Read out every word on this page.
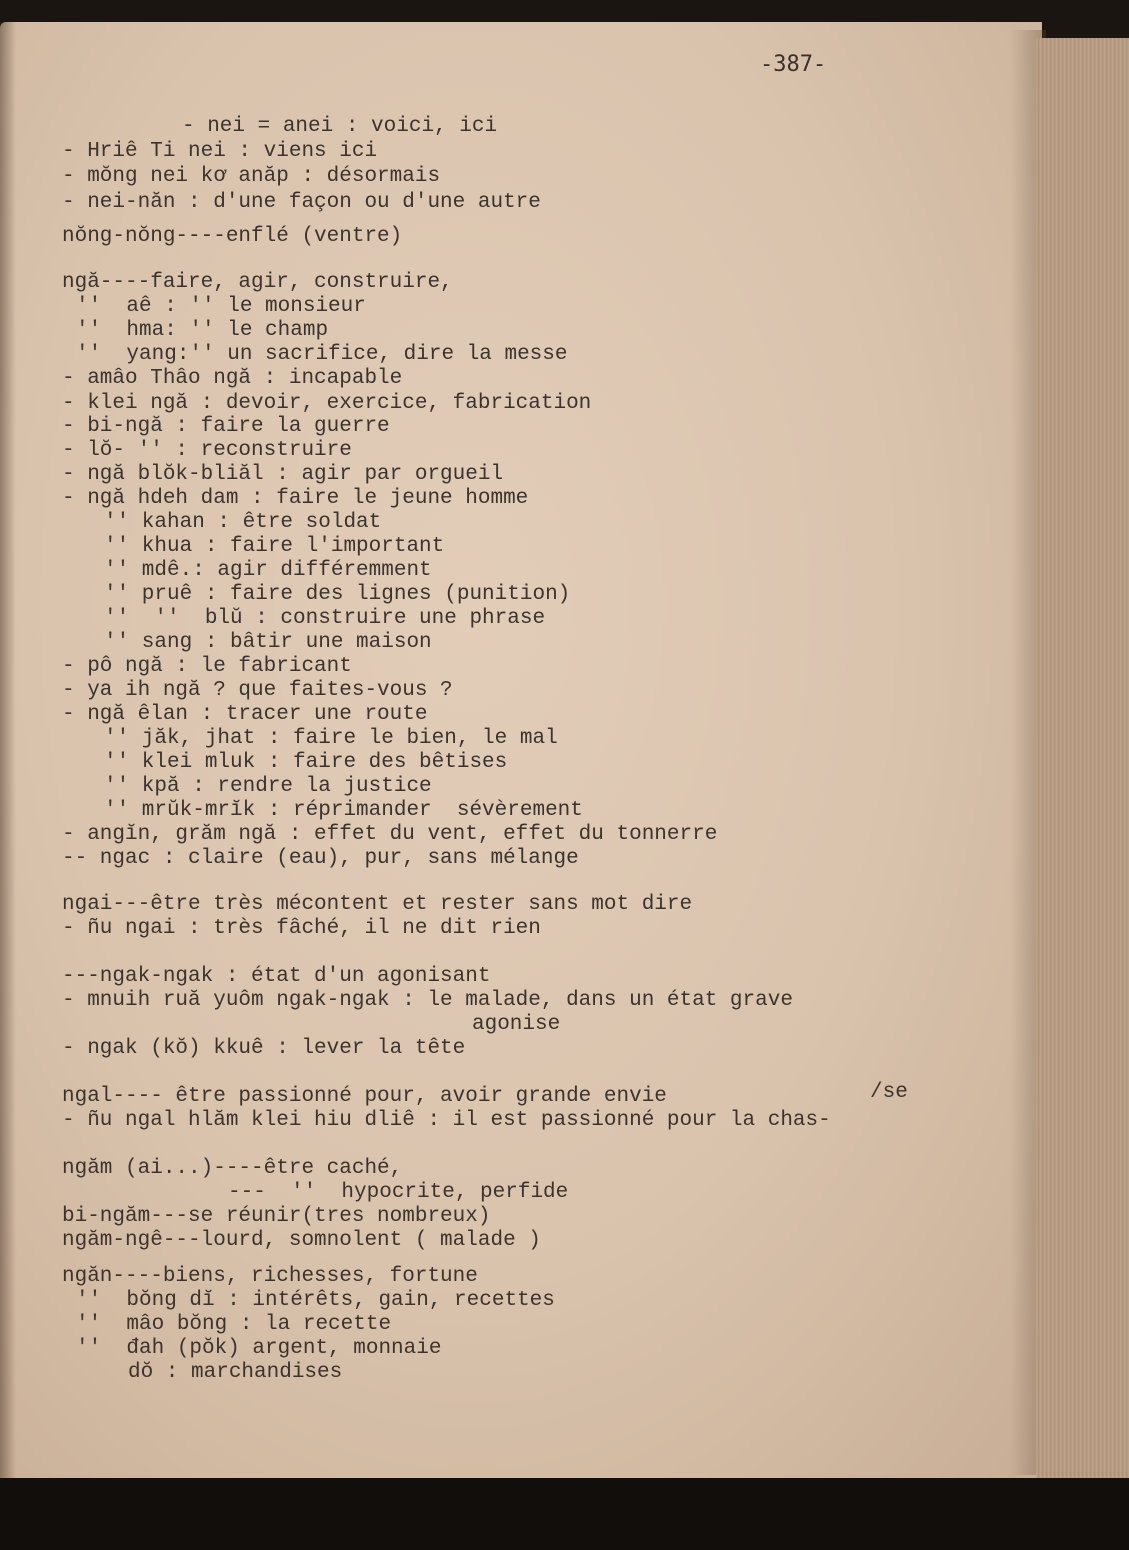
-387-
- nei = anei : voici, ici
- Hriê Ti nei : viens ici
- mŏng nei kơ anăp : désormais
- nei-năn : d'une façon ou d'une autre
nŏng-nŏng----enflé (ventre)
ngă----faire, agir, construire,
''  aê : '' le monsieur
''  hma: '' le champ
''  yang:'' un sacrifice, dire la messe
- amâo Thâo ngă : incapable
- klei ngă : devoir, exercice, fabrication
- bi-ngă : faire la guerre
- lŏ- '' : reconstruire
- ngă blŏk-bliăl : agir par orgueil
- ngă hdeh dam : faire le jeune homme
'' kahan : être soldat
'' khua : faire l'important
'' mdê.: agir différemment
'' pruê : faire des lignes (punition)
''  ''  blŭ : construire une phrase
'' sang : bâtir une maison
- pô ngă : le fabricant
- ya ih ngă ? que faites-vous ?
- ngă êlan : tracer une route
'' jăk, jhat : faire le bien, le mal
'' klei mluk : faire des bêtises
'' kpă : rendre la justice
'' mrŭk-mrĭk : réprimander  sévèrement
- angĭn, grăm ngă : effet du vent, effet du tonnerre
-- ngac : claire (eau), pur, sans mélange
ngai---être très mécontent et rester sans mot dire
- ñu ngai : très fâché, il ne dit rien
---ngak-ngak : état d'un agonisant
- mnuih ruă yuôm ngak-ngak : le malade, dans un état grave
agonise
- ngak (kŏ) kkuê : lever la tête
ngal---- être passionné pour, avoir grande envie	/se
- ñu ngal hlăm klei hiu dliê : il est passionné pour la chas-
ngăm (ai...)----être caché,
---  ''  hypocrite, perfide
bi-ngăm---se réunir(tres nombreux)
ngăm-ngê---lourd, somnolent ( malade )
ngăn----biens, richesses, fortune
''  bŏng dĭ : intérêts, gain, recettes
''  mâo bŏng : la recette
''  đah (pŏk) argent, monnaie
dŏ : marchandises
